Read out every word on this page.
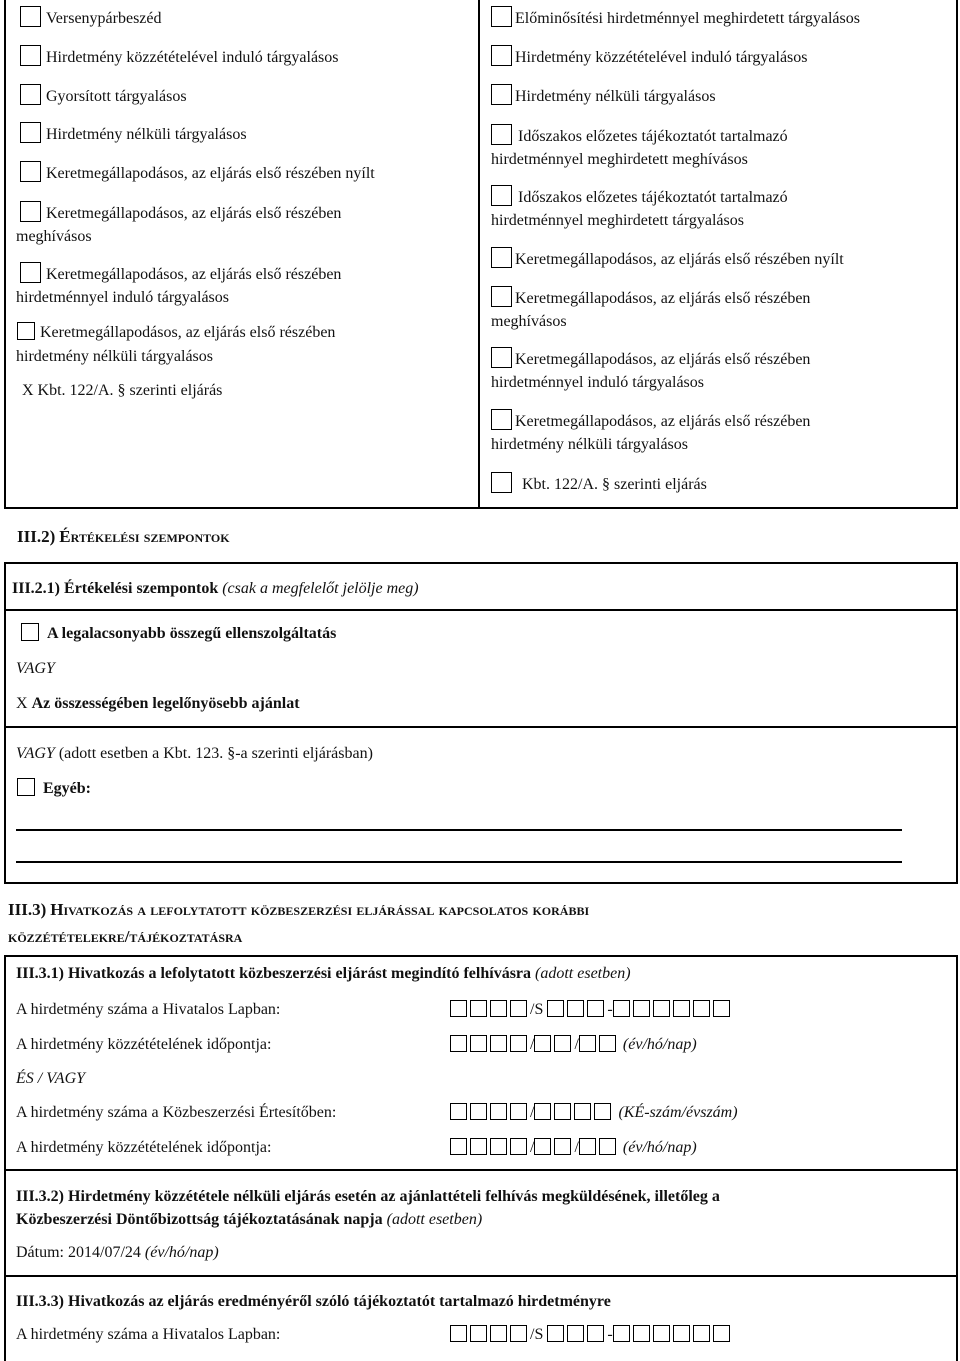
Versenypárbeszéd
Hirdetmény közzétételével induló tárgyalásos
Gyorsított tárgyalásos
Hirdetmény nélküli tárgyalásos
Keretmegállapodásos, az eljárás első részében nyílt
Keretmegállapodásos, az eljárás első részében
meghívásos
Keretmegállapodásos, az eljárás első részében
hirdetménnyel induló tárgyalásos
Keretmegállapodásos, az eljárás első részében
hirdetmény nélküli tárgyalásos
X Kbt. 122/A. § szerinti eljárás
Előminősítési hirdetménnyel meghirdetett tárgyalásos
Hirdetmény közzétételével induló tárgyalásos
Hirdetmény nélküli tárgyalásos
Időszakos előzetes tájékoztatót tartalmazó
hirdetménnyel meghirdetett meghívásos
Időszakos előzetes tájékoztatót tartalmazó
hirdetménnyel meghirdetett tárgyalásos
Keretmegállapodásos, az eljárás első részében nyílt
Keretmegállapodásos, az eljárás első részében
meghívásos
Keretmegállapodásos, az eljárás első részében
hirdetménnyel induló tárgyalásos
Keretmegállapodásos, az eljárás első részében
hirdetmény nélküli tárgyalásos
Kbt. 122/A. § szerinti eljárás
III.2) Értékelési szempontok
III.2.1) Értékelési szempontok (csak a megfelelőt jelölje meg)
A legalacsonyabb összegű ellenszolgáltatás
VAGY
X Az összességében legelőnyösebb ajánlat
VAGY (adott esetben a Kbt. 123. §-a szerinti eljárásban)
Egyéb:
III.3) Hivatkozás a lefolytatott közbeszerzési eljárással kapcsolatos korábbi
közzétételekre/tájékoztatásra
III.3.1) Hivatkozás a lefolytatott közbeszerzési eljárást megindító felhívásra (adott esetben)
A hirdetmény száma a Hivatalos Lapban:	/S	-
A hirdetmény közzétételének időpontja:	/	/	(év/hó/nap)
ÉS / VAGY
A hirdetmény száma a Közbeszerzési Értesítőben:	/	(KÉ-szám/évszám)
A hirdetmény közzétételének időpontja:	/	/	(év/hó/nap)
III.3.2) Hirdetmény közzététele nélküli eljárás esetén az ajánlattételi felhívás megküldésének, illetőleg a
Közbeszerzési Döntőbizottság tájékoztatásának napja (adott esetben)
Dátum: 2014/07/24 (év/hó/nap)
III.3.3) Hivatkozás az eljárás eredményéről szóló tájékoztatót tartalmazó hirdetményre
A hirdetmény száma a Hivatalos Lapban:	/S	-
